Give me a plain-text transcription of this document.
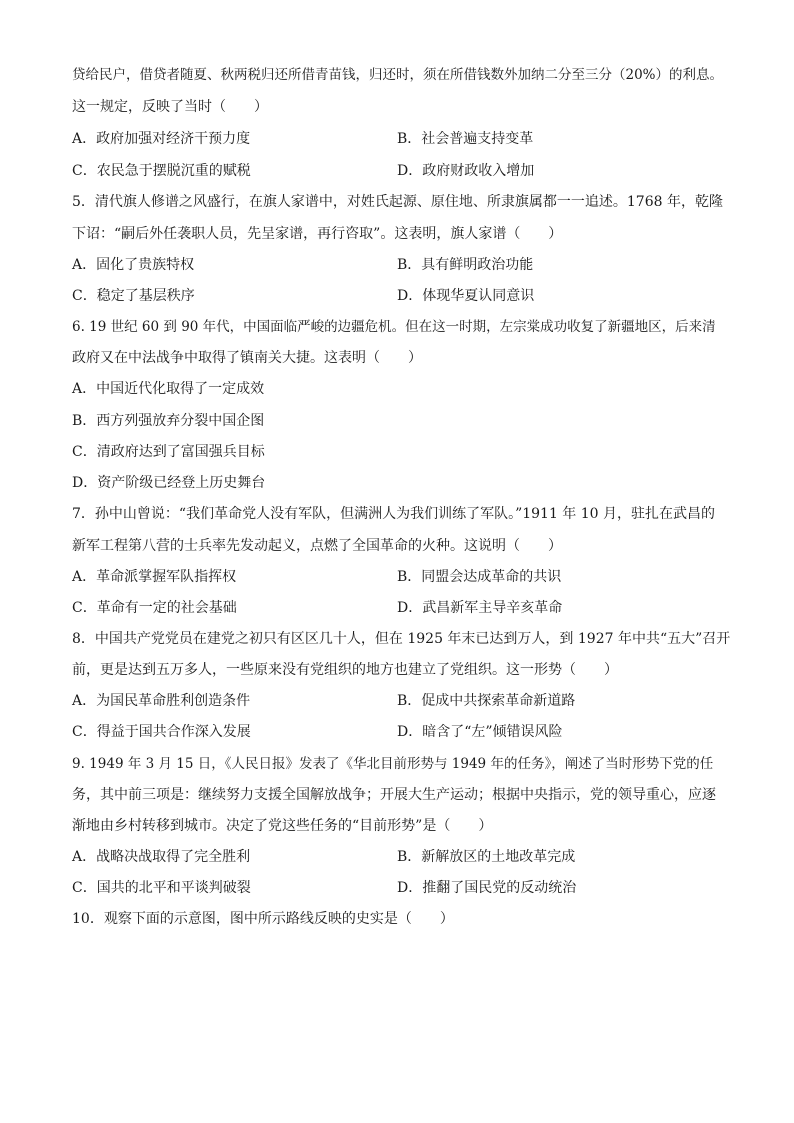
贷给民户，借贷者随夏、秋两税归还所借青苗钱，归还时，须在所借钱数外加纳二分至三分（20%）的利息。
这一规定，反映了当时（　　）
A．政府加强对经济干预力度	B．社会普遍支持变革
C．农民急于摆脱沉重的赋税	D．政府财政收入增加
5．清代旗人修谱之风盛行，在旗人家谱中，对姓氏起源、原住地、所隶旗属都一一追述。1768 年，乾隆
下诏：“嗣后外任袭职人员，先呈家谱，再行咨取”。这表明，旗人家谱（　　）
A．固化了贵族特权	B．具有鲜明政治功能
C．稳定了基层秩序	D．体现华夏认同意识
6. 19 世纪 60 到 90 年代，中国面临严峻的边疆危机。但在这一时期，左宗棠成功收复了新疆地区，后来清
政府又在中法战争中取得了镇南关大捷。这表明（　　）
A．中国近代化取得了一定成效
B．西方列强放弃分裂中国企图
C．清政府达到了富国强兵目标
D．资产阶级已经登上历史舞台
7．孙中山曾说：“我们革命党人没有军队，但满洲人为我们训练了军队。”1911 年 10 月，驻扎在武昌的
新军工程第八营的士兵率先发动起义，点燃了全国革命的火种。这说明（　　）
A．革命派掌握军队指挥权	B．同盟会达成革命的共识
C．革命有一定的社会基础	D．武昌新军主导辛亥革命
8．中国共产党党员在建党之初只有区区几十人，但在 1925 年末已达到万人，到 1927 年中共“五大”召开
前，更是达到五万多人，一些原来没有党组织的地方也建立了党组织。这一形势（　　）
A．为国民革命胜利创造条件	B．促成中共探索革命新道路
C．得益于国共合作深入发展	D．暗含了“左”倾错误风险
9. 1949 年 3 月 15 日，《人民日报》发表了《华北目前形势与 1949 年的任务》，阐述了当时形势下党的任
务，其中前三项是：继续努力支援全国解放战争；开展大生产运动；根据中央指示，党的领导重心，应逐
渐地由乡村转移到城市。决定了党这些任务的“目前形势”是（　　）
A．战略决战取得了完全胜利	B．新解放区的土地改革完成
C．国共的北平和平谈判破裂	D．推翻了国民党的反动统治
10．观察下面的示意图，图中所示路线反映的史实是（　　）
